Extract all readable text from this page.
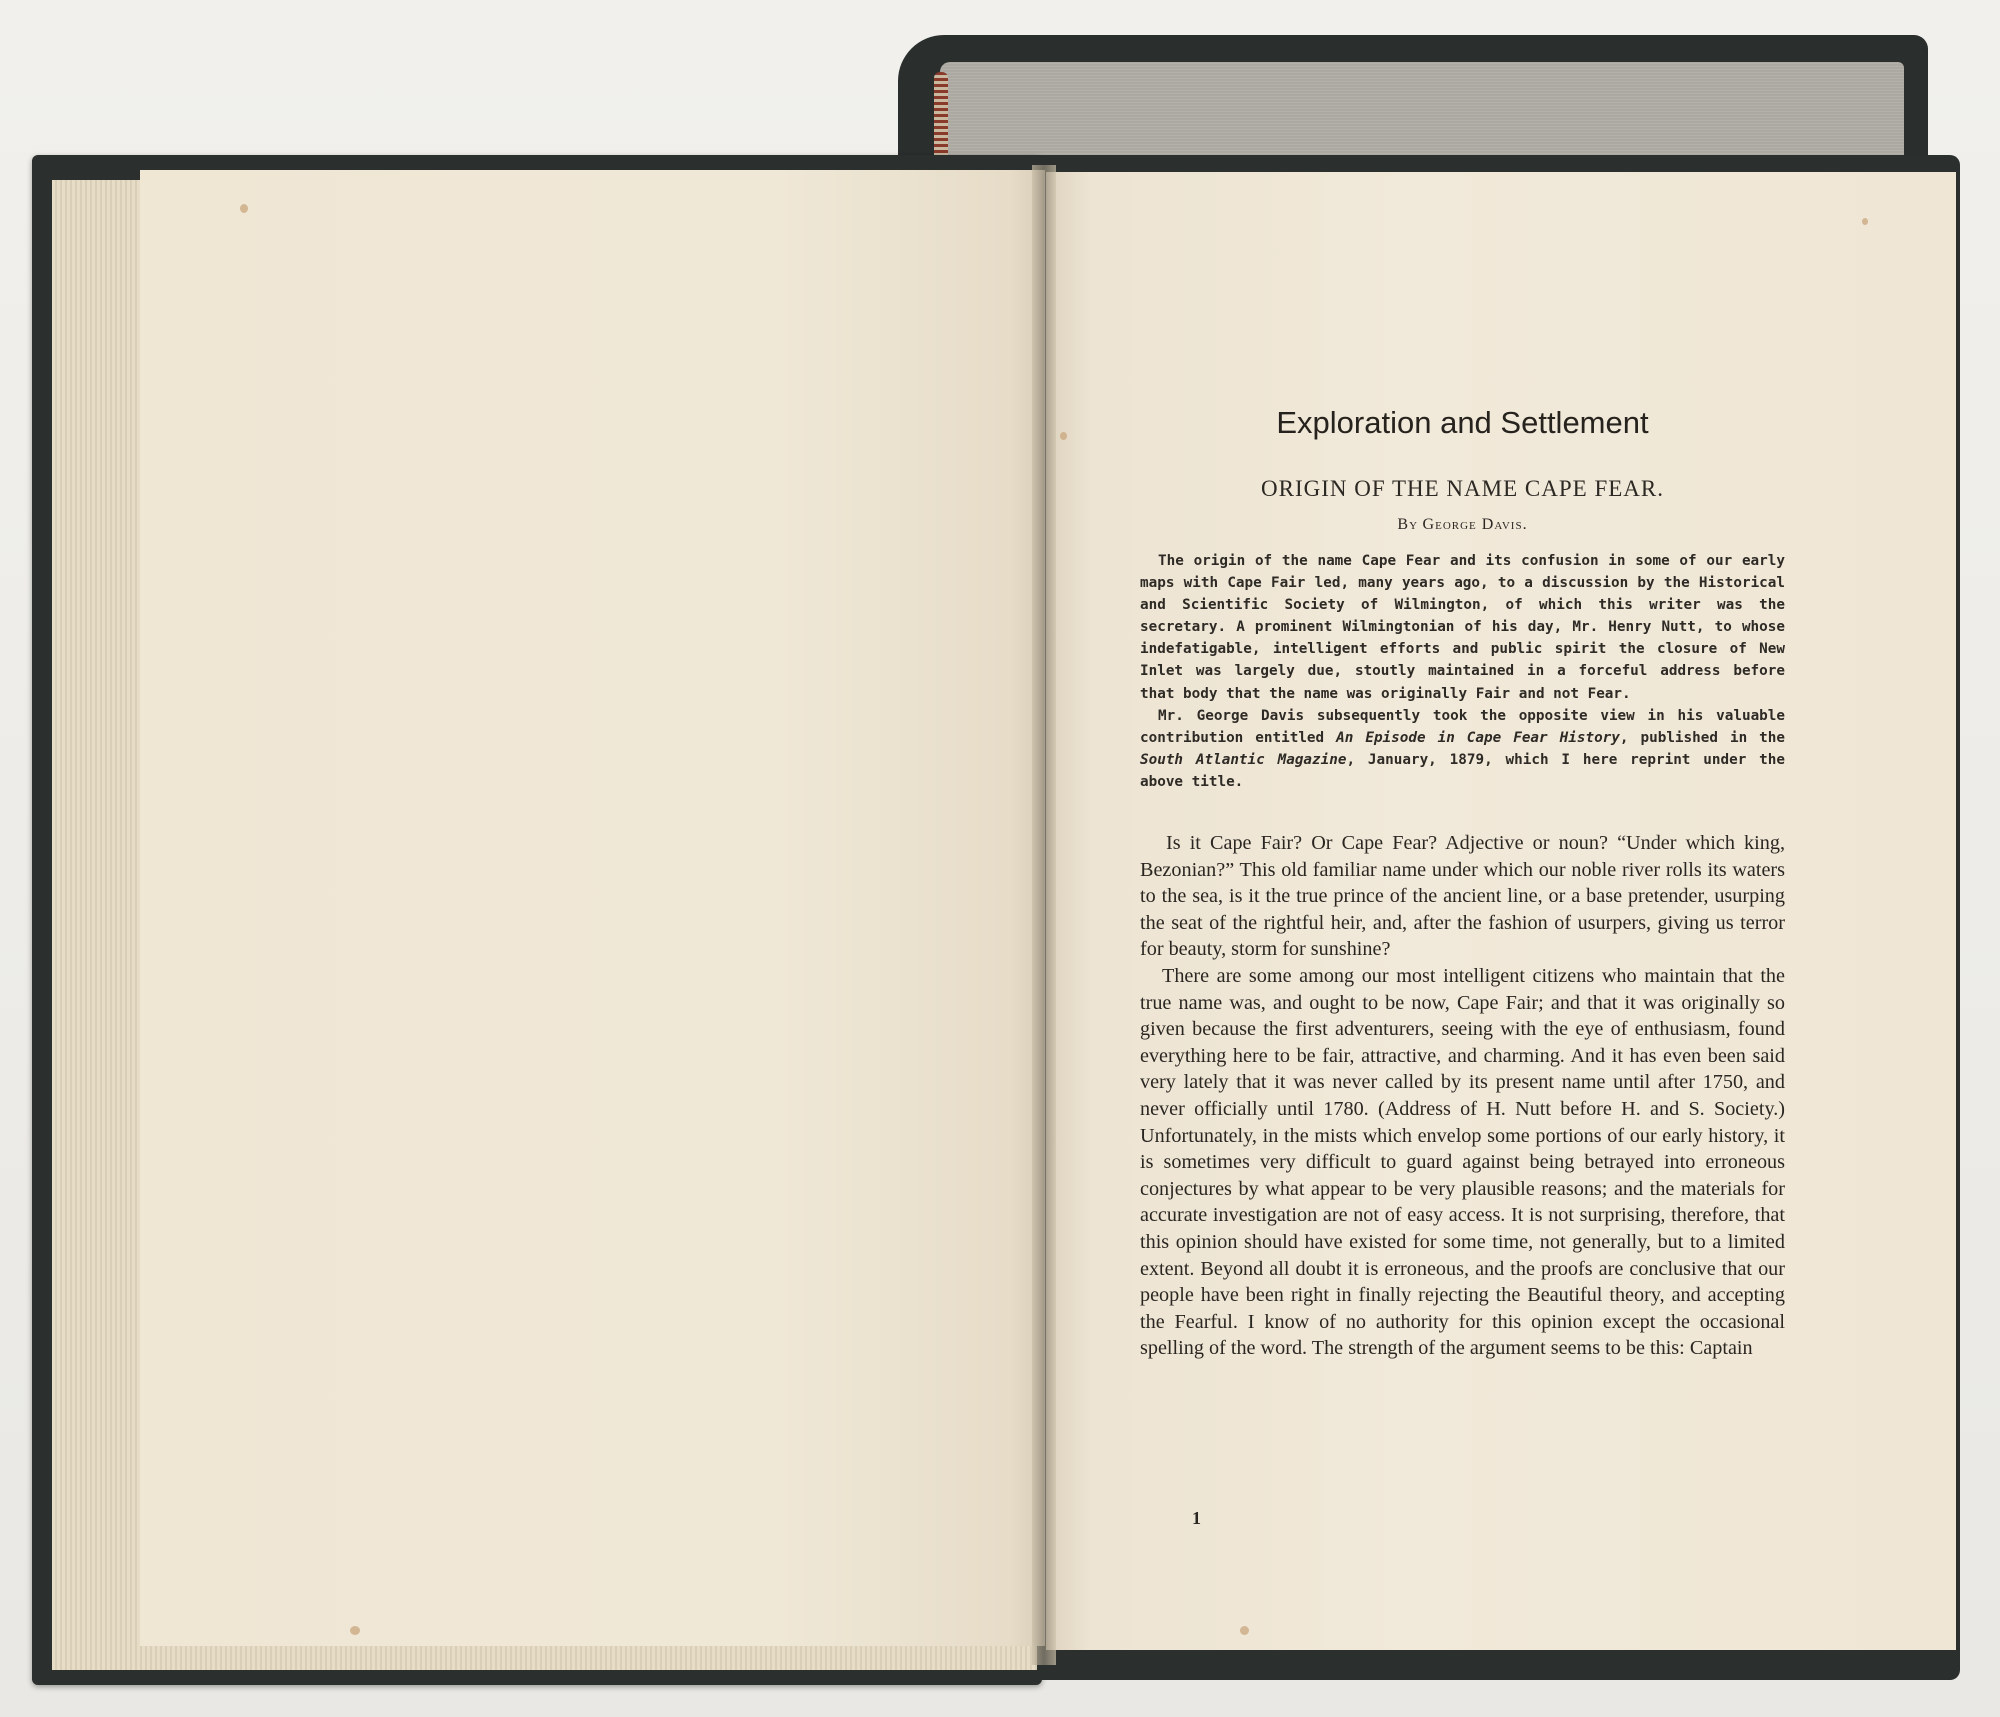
Exploration and Settlement
ORIGIN OF THE NAME CAPE FEAR.
By George Davis.

The origin of the name Cape Fear and its confusion in some of our early maps with Cape Fair led, many years ago, to a discussion by the Historical and Scientific Society of Wilmington, of which this writer was the secretary. A prominent Wilmingtonian of his day, Mr. Henry Nutt, to whose indefatigable, intelligent efforts and public spirit the closure of New Inlet was largely due, stoutly maintained in a forceful address before that body that the name was originally Fair and not Fear.

Mr. George Davis subsequently took the opposite view in his valuable contribution entitled An Episode in Cape Fear History, published in the South Atlantic Magazine, January, 1879, which I here reprint under the above title.

Is it Cape Fair? Or Cape Fear? Adjective or noun? “Under which king, Bezonian?” This old familiar name under which our noble river rolls its waters to the sea, is it the true prince of the ancient line, or a base pretender, usurping the seat of the rightful heir, and, after the fashion of usurpers, giving us terror for beauty, storm for sunshine?

There are some among our most intelligent citizens who maintain that the true name was, and ought to be now, Cape Fair; and that it was originally so given because the first adventurers, seeing with the eye of enthusiasm, found everything here to be fair, attractive, and charming. And it has even been said very lately that it was never called by its present name until after 1750, and never officially until 1780. (Address of H. Nutt before H. and S. Society.) Unfortunately, in the mists which envelop some portions of our early history, it is sometimes very difficult to guard against being betrayed into erroneous conjectures by what appear to be very plausible reasons; and the materials for accurate investigation are not of easy access. It is not surprising, therefore, that this opinion should have existed for some time, not generally, but to a limited extent. Beyond all doubt it is erroneous, and the proofs are conclusive that our people have been right in finally rejecting the Beautiful theory, and accepting the Fearful. I know of no authority for this opinion except the occasional spelling of the word. The strength of the argument seems to be this: Captain

1
